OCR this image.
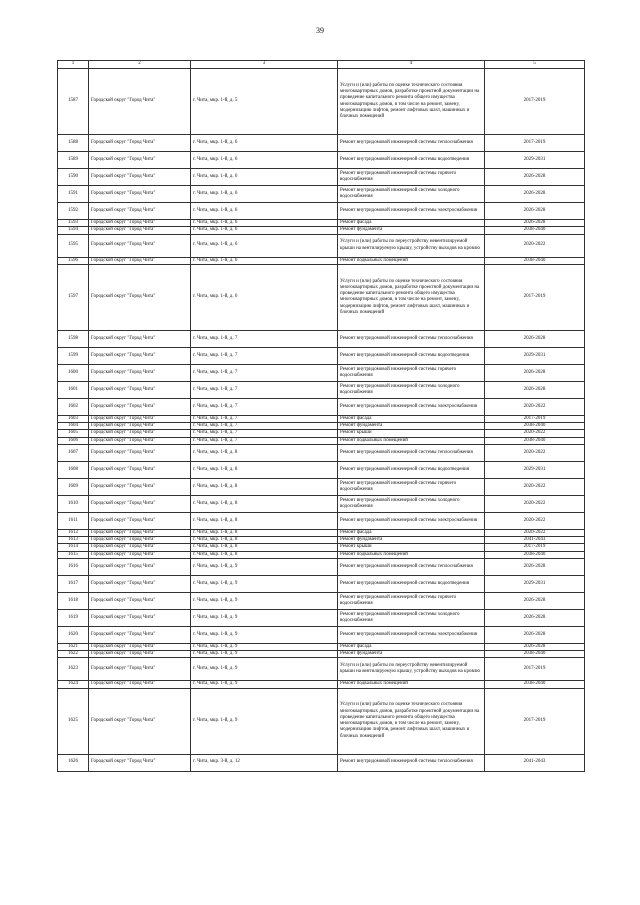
39
1	2	3	4	5
1587	Городской округ "Город Чита"	г. Чита, мкр. 1-й, д. 5	Услуги и (или) работы по оценке технического состояния многоквартирных домов, разработке проектной документации на проведение капитального ремонта общего имущества многоквартирных домов, в том числе на ремонт, замену, модернизацию лифтов, ремонт лифтовых шахт, машинных и блочных помещений	2017-2019
1588	Городской округ "Город Чита"	г. Чита, мкр. 1-й, д. 6	Ремонт внутридомовой инженерной системы теплоснабжения	2017-2019
1589	Городской округ "Город Чита"	г. Чита, мкр. 1-й, д. 6	Ремонт внутридомовой инженерной системы водоотведения	2029-2031
1590	Городской округ "Город Чита"	г. Чита, мкр. 1-й, д. 6	Ремонт внутридомовой инженерной системы горячего водоснабжения	2026-2028
1591	Городской округ "Город Чита"	г. Чита, мкр. 1-й, д. 6	Ремонт внутридомовой инженерной системы холодного водоснабжения	2026-2028
1592	Городской округ "Город Чита"	г. Чита, мкр. 1-й, д. 6	Ремонт внутридомовой инженерной системы электроснабжения	2026-2028
1593	Городской округ "Город Чита"	г. Чита, мкр. 1-й, д. 6	Ремонт фасада	2026-2028
1594	Городской округ "Город Чита"	г. Чита, мкр. 1-й, д. 6	Ремонт фундамента	2038-2040
1595	Городской округ "Город Чита"	г. Чита, мкр. 1-й, д. 6	Услуги и (или) работы по переустройству невентилируемой крыши на вентилируемую крышу, устройству выходов на кровлю	2020-2022
1596	Городской округ "Город Чита"	г. Чита, мкр. 1-й, д. 6	Ремонт подвальных помещений	2038-2040
1597	Городской округ "Город Чита"	г. Чита, мкр. 1-й, д. 6	Услуги и (или) работы по оценке технического состояния многоквартирных домов, разработке проектной документации на проведение капитального ремонта общего имущества многоквартирных домов, в том числе на ремонт, замену, модернизацию лифтов, ремонт лифтовых шахт, машинных и блочных помещений	2017-2019
1598	Городской округ "Город Чита"	г. Чита, мкр. 1-й, д. 7	Ремонт внутридомовой инженерной системы теплоснабжения	2026-2028
1599	Городской округ "Город Чита"	г. Чита, мкр. 1-й, д. 7	Ремонт внутридомовой инженерной системы водоотведения	2029-2031
1600	Городской округ "Город Чита"	г. Чита, мкр. 1-й, д. 7	Ремонт внутридомовой инженерной системы горячего водоснабжения	2026-2028
1601	Городской округ "Город Чита"	г. Чита, мкр. 1-й, д. 7	Ремонт внутридомовой инженерной системы холодного водоснабжения	2026-2028
1602	Городской округ "Город Чита"	г. Чита, мкр. 1-й, д. 7	Ремонт внутридомовой инженерной системы электроснабжения	2020-2022
1603	Городской округ "Город Чита"	г. Чита, мкр. 1-й, д. 7	Ремонт фасада	2017-2019
1604	Городской округ "Город Чита"	г. Чита, мкр. 1-й, д. 7	Ремонт фундамента	2038-2040
1605	Городской округ "Город Чита"	г. Чита, мкр. 1-й, д. 7	Ремонт крыши	2020-2022
1606	Городской округ "Город Чита"	г. Чита, мкр. 1-й, д. 7	Ремонт подвальных помещений	2038-2040
1607	Городской округ "Город Чита"	г. Чита, мкр. 1-й, д. 8	Ремонт внутридомовой инженерной системы теплоснабжения	2020-2022
1608	Городской округ "Город Чита"	г. Чита, мкр. 1-й, д. 8	Ремонт внутридомовой инженерной системы водоотведения	2029-2031
1609	Городской округ "Город Чита"	г. Чита, мкр. 1-й, д. 8	Ремонт внутридомовой инженерной системы горячего водоснабжения	2020-2022
1610	Городской округ "Город Чита"	г. Чита, мкр. 1-й, д. 8	Ремонт внутридомовой инженерной системы холодного водоснабжения	2020-2022
1611	Городской округ "Город Чита"	г. Чита, мкр. 1-й, д. 8	Ремонт внутридомовой инженерной системы электроснабжения	2020-2022
1612	Городской округ "Город Чита"	г. Чита, мкр. 1-й, д. 8	Ремонт фасада	2020-2022
1613	Городской округ "Город Чита"	г. Чита, мкр. 1-й, д. 8	Ремонт фундамента	2041-2043
1614	Городской округ "Город Чита"	г. Чита, мкр. 1-й, д. 8	Ремонт крыши	2017-2019
1615	Городской округ "Город Чита"	г. Чита, мкр. 1-й, д. 8	Ремонт подвальных помещений	2038-2040
1616	Городской округ "Город Чита"	г. Чита, мкр. 1-й, д. 9	Ремонт внутридомовой инженерной системы теплоснабжения	2026-2028
1617	Городской округ "Город Чита"	г. Чита, мкр. 1-й, д. 9	Ремонт внутридомовой инженерной системы водоотведения	2029-2031
1618	Городской округ "Город Чита"	г. Чита, мкр. 1-й, д. 9	Ремонт внутридомовой инженерной системы горячего водоснабжения	2026-2028
1619	Городской округ "Город Чита"	г. Чита, мкр. 1-й, д. 9	Ремонт внутридомовой инженерной системы холодного водоснабжения	2026-2028
1620	Городской округ "Город Чита"	г. Чита, мкр. 1-й, д. 9	Ремонт внутридомовой инженерной системы электроснабжения	2026-2028
1621	Городской округ "Город Чита"	г. Чита, мкр. 1-й, д. 9	Ремонт фасада	2026-2028
1622	Городской округ "Город Чита"	г. Чита, мкр. 1-й, д. 9	Ремонт фундамента	2038-2040
1623	Городской округ "Город Чита"	г. Чита, мкр. 1-й, д. 9	Услуги и (или) работы по переустройству невентилируемой крыши на вентилируемую крышу, устройству выходов на кровлю	2017-2019
1624	Городской округ "Город Чита"	г. Чита, мкр. 1-й, д. 9	Ремонт подвальных помещений	2038-2040
1625	Городской округ "Город Чита"	г. Чита, мкр. 1-й, д. 9	Услуги и (или) работы по оценке технического состояния многоквартирных домов, разработке проектной документации на проведение капитального ремонта общего имущества многоквартирных домов, в том числе на ремонт, замену, модернизацию лифтов, ремонт лифтовых шахт, машинных и блочных помещений	2017-2019
1626	Городской округ "Город Чита"	г. Чита, мкр. 3-й, д. 12	Ремонт внутридомовой инженерной системы теплоснабжения	2041-2043
